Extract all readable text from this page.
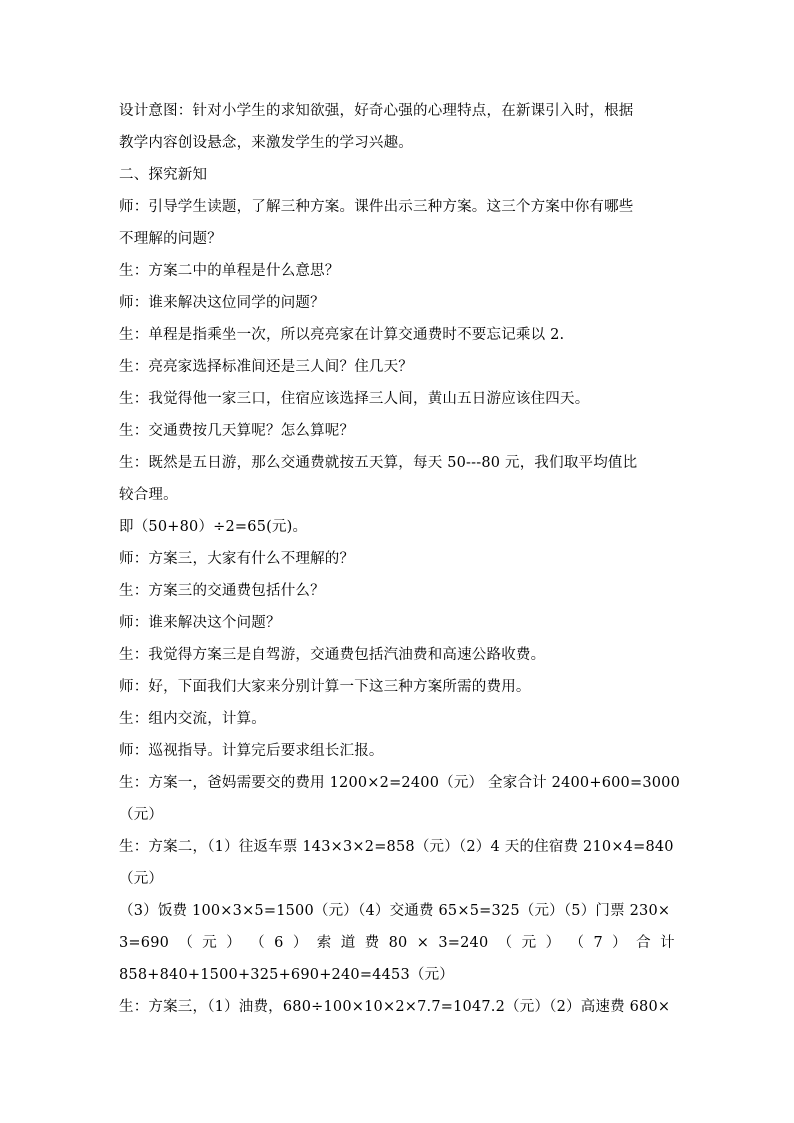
设计意图：针对小学生的求知欲强，好奇心强的心理特点，在新课引入时，根据
教学内容创设悬念，来激发学生的学习兴趣。
二、探究新知
师：引导学生读题，了解三种方案。课件出示三种方案。这三个方案中你有哪些
不理解的问题？
生：方案二中的单程是什么意思？
师：谁来解决这位同学的问题？
生：单程是指乘坐一次，所以亮亮家在计算交通费时不要忘记乘以 2.
生：亮亮家选择标准间还是三人间？住几天？
生：我觉得他一家三口，住宿应该选择三人间，黄山五日游应该住四天。
生：交通费按几天算呢？怎么算呢？
生：既然是五日游，那么交通费就按五天算，每天 50---80 元，我们取平均值比
较合理。
即（50+80）÷2=65(元)。
师：方案三，大家有什么不理解的？
生：方案三的交通费包括什么？
师：谁来解决这个问题？
生：我觉得方案三是自驾游，交通费包括汽油费和高速公路收费。
师：好，下面我们大家来分别计算一下这三种方案所需的费用。
生：组内交流，计算。
师：巡视指导。计算完后要求组长汇报。
生：方案一，爸妈需要交的费用 1200×2=2400（元） 全家合计 2400+600=3000
（元）
生：方案二，（1）往返车票 143×3×2=858（元）（2）4 天的住宿费 210×4=840
（元）
（3）饭费 100×3×5=1500（元）（4）交通费 65×5=325（元）（5）门票 230×
3=690 （ 元 ） （ 6 ） 索 道 费 80 × 3=240 （ 元 ） （ 7 ） 合 计
858+840+1500+325+690+240=4453（元）
生：方案三，（1）油费，680÷100×10×2×7.7=1047.2（元）（2）高速费 680×
